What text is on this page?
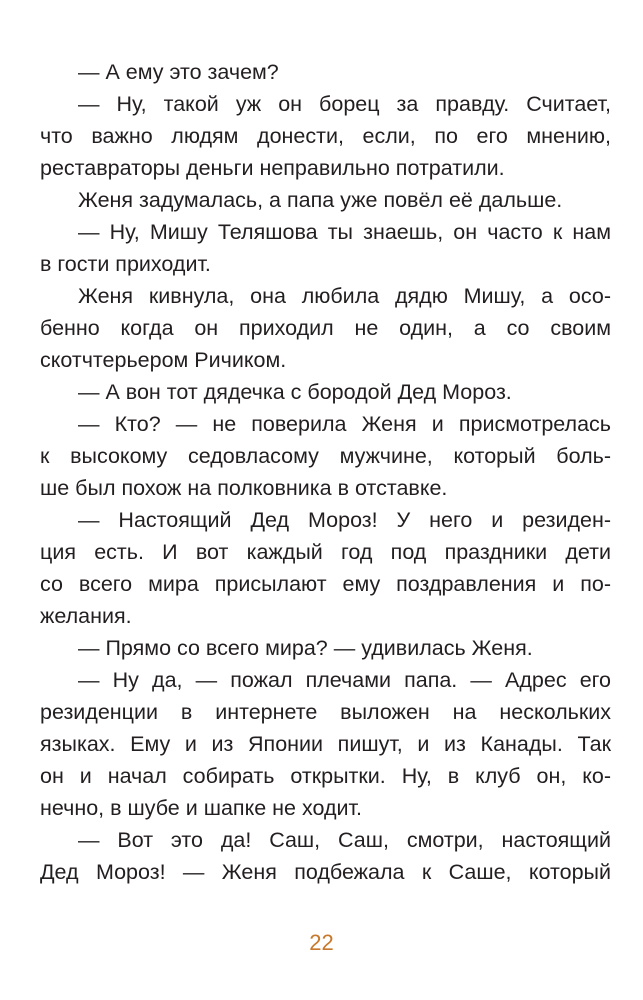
— А ему это зачем?
— Ну, такой уж он борец за правду. Считает,
что важно людям донести, если, по его мнению,
реставраторы деньги неправильно потратили.
Женя задумалась, а папа уже повёл её дальше.
— Ну, Мишу Теляшова ты знаешь, он часто к нам
в гости приходит.
Женя кивнула, она любила дядю Мишу, а осо-
бенно когда он приходил не один, а со своим
скотчтерьером Ричиком.
— А вон тот дядечка с бородой Дед Мороз.
— Кто? — не поверила Женя и присмотрелась
к высокому седовласому мужчине, который боль-
ше был похож на полковника в отставке.
— Настоящий Дед Мороз! У него и резиден-
ция есть. И вот каждый год под праздники дети
со всего мира присылают ему поздравления и по-
желания.
— Прямо со всего мира? — удивилась Женя.
— Ну да, — пожал плечами папа. — Адрес его
резиденции в интернете выложен на нескольких
языках. Ему и из Японии пишут, и из Канады. Так
он и начал собирать открытки. Ну, в клуб он, ко-
нечно, в шубе и шапке не ходит.
— Вот это да! Саш, Саш, смотри, настоящий
Дед Мороз! — Женя подбежала к Саше, который
22
